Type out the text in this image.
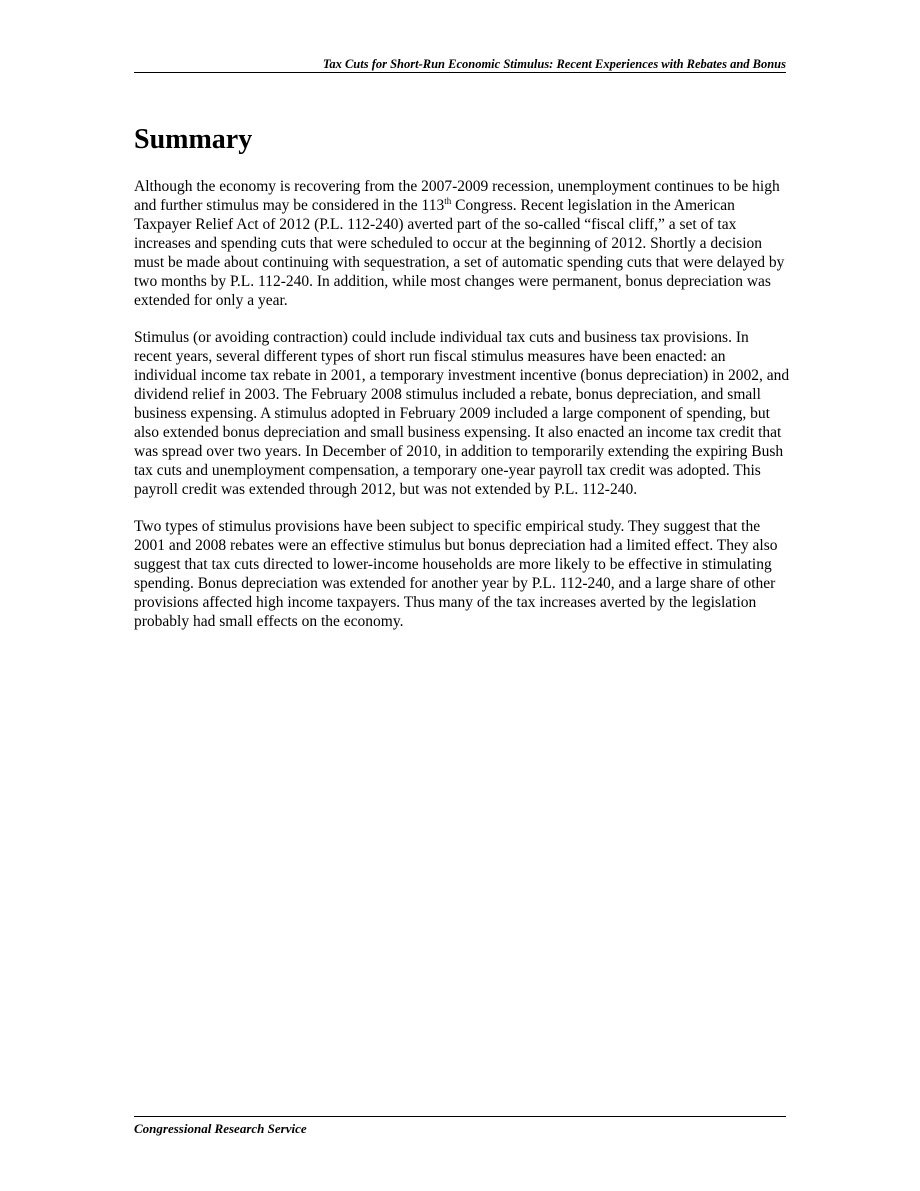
Tax Cuts for Short-Run Economic Stimulus: Recent Experiences with Rebates and Bonus
Summary

Although the economy is recovering from the 2007-2009 recession, unemployment continues to be high and further stimulus may be considered in the 113th Congress. Recent legislation in the American Taxpayer Relief Act of 2012 (P.L. 112-240) averted part of the so-called “fiscal cliff,” a set of tax increases and spending cuts that were scheduled to occur at the beginning of 2012. Shortly a decision must be made about continuing with sequestration, a set of automatic spending cuts that were delayed by two months by P.L. 112-240. In addition, while most changes were permanent, bonus depreciation was extended for only a year.

Stimulus (or avoiding contraction) could include individual tax cuts and business tax provisions. In recent years, several different types of short run fiscal stimulus measures have been enacted: an individual income tax rebate in 2001, a temporary investment incentive (bonus depreciation) in 2002, and dividend relief in 2003. The February 2008 stimulus included a rebate, bonus depreciation, and small business expensing. A stimulus adopted in February 2009 included a large component of spending, but also extended bonus depreciation and small business expensing. It also enacted an income tax credit that was spread over two years. In December of 2010, in addition to temporarily extending the expiring Bush tax cuts and unemployment compensation, a temporary one-year payroll tax credit was adopted. This payroll credit was extended through 2012, but was not extended by P.L. 112-240.

Two types of stimulus provisions have been subject to specific empirical study. They suggest that the 2001 and 2008 rebates were an effective stimulus but bonus depreciation had a limited effect. They also suggest that tax cuts directed to lower-income households are more likely to be effective in stimulating spending. Bonus depreciation was extended for another year by P.L. 112-240, and a large share of other provisions affected high income taxpayers. Thus many of the tax increases averted by the legislation probably had small effects on the economy.

Congressional Research Service
